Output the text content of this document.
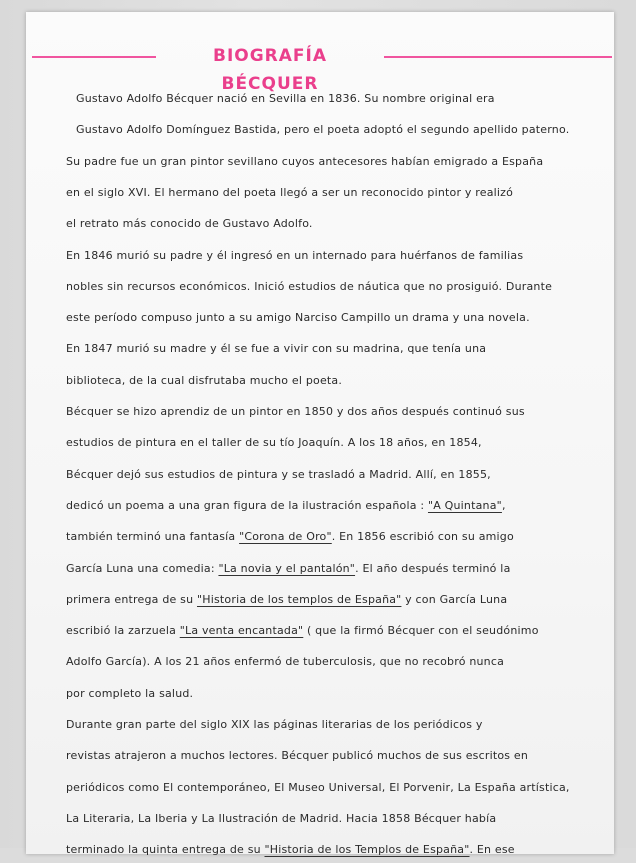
BIOGRAFÍA BÉCQUER
Gustavo Adolfo Bécquer nació en Sevilla en 1836. Su nombre original era
Gustavo Adolfo Domínguez Bastida, pero el poeta adoptó el segundo apellido paterno.
Su padre fue un gran pintor sevillano cuyos antecesores habían emigrado a España
en el siglo XVI. El hermano del poeta llegó a ser un reconocido pintor y realizó
el retrato más conocido de Gustavo Adolfo.
En 1846 murió su padre y él ingresó en un internado para huérfanos de familias
nobles sin recursos económicos. Inició estudios de náutica que no prosiguió. Durante
este período compuso junto a su amigo Narciso Campillo un drama y una novela.
En 1847 murió su madre y él se fue a vivir con su madrina, que tenía una
biblioteca, de la cual disfrutaba mucho el poeta.
Bécquer se hizo aprendiz de un pintor en 1850 y dos años después continuó sus
estudios de pintura en el taller de su tío Joaquín. A los 18 años, en 1854,
Bécquer dejó sus estudios de pintura y se trasladó a Madrid. Allí, en 1855,
dedicó un poema a una gran figura de la ilustración española : "A Quintana",
también terminó una fantasía "Corona de Oro". En 1856 escribió con su amigo
García Luna una comedia: "La novia y el pantalón". El año después terminó la
primera entrega de su "Historia de los templos de España" y con García Luna
escribió la zarzuela "La venta encantada" ( que la firmó Bécquer con el seudónimo
Adolfo García). A los 21 años enfermó de tuberculosis, que no recobró nunca
por completo la salud.
Durante gran parte del siglo XIX las páginas literarias de los periódicos y
revistas atrajeron a muchos lectores. Bécquer publicó muchos de sus escritos en
periódicos como El contemporáneo, El Museo Universal, El Porvenir, La España artística,
La Literaria, La Iberia y La Ilustración de Madrid. Hacia 1858 Bécquer había
terminado la quinta entrega de su "Historia de los Templos de España". En ese
